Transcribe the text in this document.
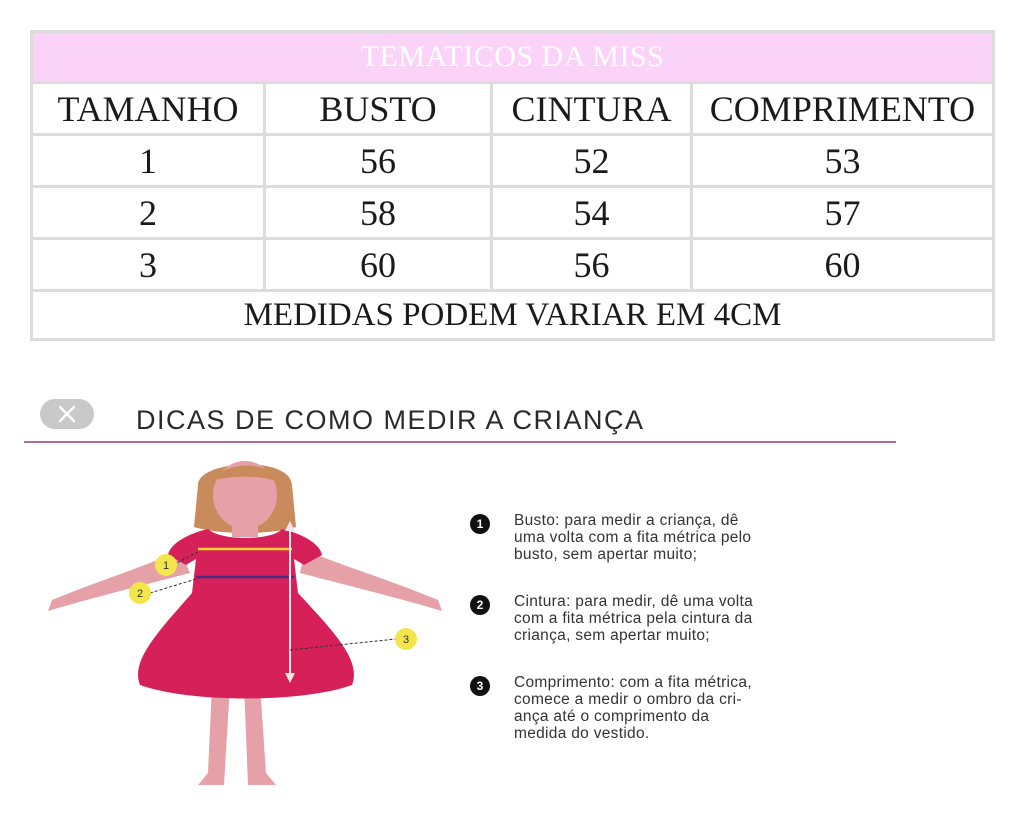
TEMATICOS DA MISS			
TAMANHO	BUSTO	CINTURA	COMPRIMENTO
1	56	52	53
2	58	54	57
3	60	56	60
MEDIDAS PODEM VARIAR EM 4CM			
DICAS DE COMO MEDIR A CRIANÇA
1
2
3
1	Busto: para medir a criança, dê
uma volta com a fita métrica pelo
busto, sem apertar muito;
2	Cintura: para medir, dê uma volta
com a fita métrica pela cintura da
criança, sem apertar muito;
3	Comprimento: com a fita métrica,
comece a medir o ombro da cri-
ança até o comprimento da
medida do vestido.
